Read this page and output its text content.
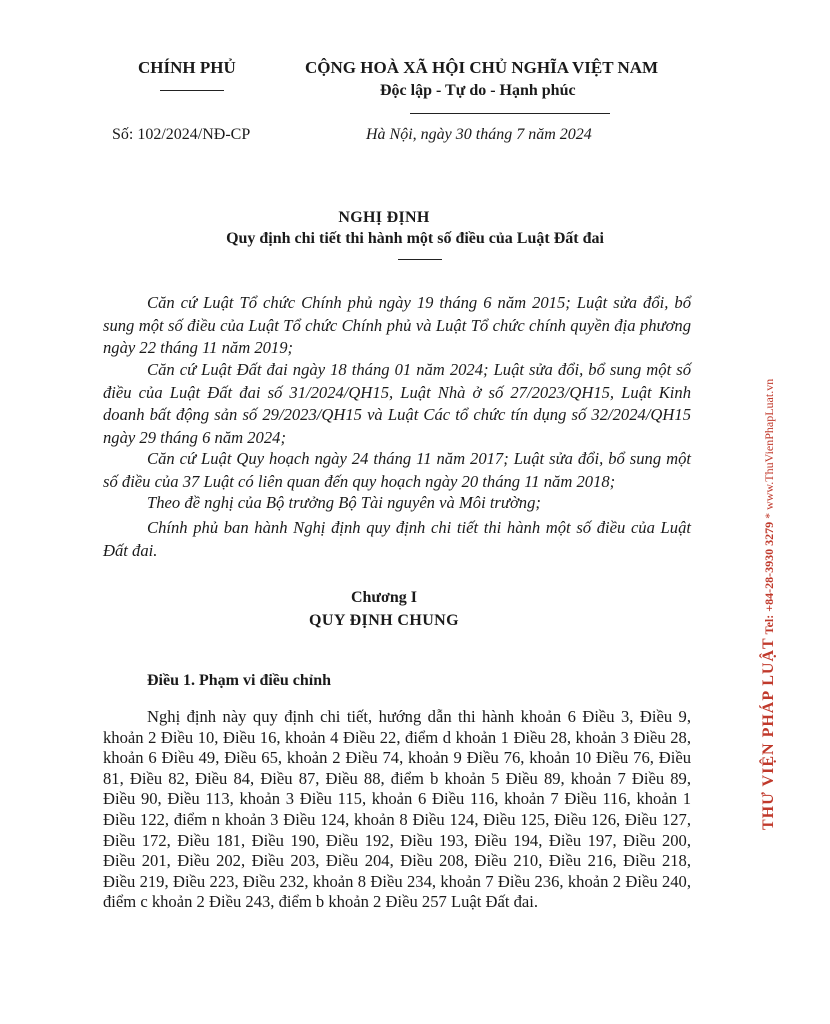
CHÍNH PHỦ	CỘNG HOÀ XÃ HỘI CHỦ NGHĨA VIỆT NAM
Độc lập - Tự do - Hạnh phúc
Số: 102/2024/NĐ-CP	Hà Nội, ngày 30 tháng 7 năm 2024
NGHỊ ĐỊNH
Quy định chi tiết thi hành một số điều của Luật Đất đai
Căn cứ Luật Tổ chức Chính phủ ngày 19 tháng 6 năm 2015; Luật sửa đổi, bổ sung một số điều của Luật Tổ chức Chính phủ và Luật Tổ chức chính quyền địa phương ngày 22 tháng 11 năm 2019;
Căn cứ Luật Đất đai ngày 18 tháng 01 năm 2024; Luật sửa đổi, bổ sung một số điều của Luật Đất đai số 31/2024/QH15, Luật Nhà ở số 27/2023/QH15, Luật Kinh doanh bất động sản số 29/2023/QH15 và Luật Các tổ chức tín dụng số 32/2024/QH15 ngày 29 tháng 6 năm 2024;
Căn cứ Luật Quy hoạch ngày 24 tháng 11 năm 2017; Luật sửa đổi, bổ sung một số điều của 37 Luật có liên quan đến quy hoạch ngày 20 tháng 11 năm 2018;
Theo đề nghị của Bộ trưởng Bộ Tài nguyên và Môi trường;
Chính phủ ban hành Nghị định quy định chi tiết thi hành một số điều của Luật Đất đai.
Chương I
QUY ĐỊNH CHUNG
Điều 1. Phạm vi điều chỉnh
Nghị định này quy định chi tiết, hướng dẫn thi hành khoản 6 Điều 3, Điều 9, khoản 2 Điều 10, Điều 16, khoản 4 Điều 22, điểm d khoản 1 Điều 28, khoản 3 Điều 28, khoản 6 Điều 49, Điều 65, khoản 2 Điều 74, khoản 9 Điều 76, khoản 10 Điều 76, Điều 81, Điều 82, Điều 84, Điều 87, Điều 88, điểm b khoản 5 Điều 89, khoản 7 Điều 89, Điều 90, Điều 113, khoản 3 Điều 115, khoản 6 Điều 116, khoản 7 Điều 116, khoản 1 Điều 122, điểm n khoản 3 Điều 124, khoản 8 Điều 124, Điều 125, Điều 126, Điều 127, Điều 172, Điều 181, Điều 190, Điều 192, Điều 193, Điều 194, Điều 197, Điều 200, Điều 201, Điều 202, Điều 203, Điều 204, Điều 208, Điều 210, Điều 216, Điều 218, Điều 219, Điều 223, Điều 232, khoản 8 Điều 234, khoản 7 Điều 236, khoản 2 Điều 240, điểm c khoản 2 Điều 243, điểm b khoản 2 Điều 257 Luật Đất đai.
THƯ VIỆN PHÁP LUẬT Tel: +84-28-3930 3279 * www.ThuVienPhapLuat.vn
